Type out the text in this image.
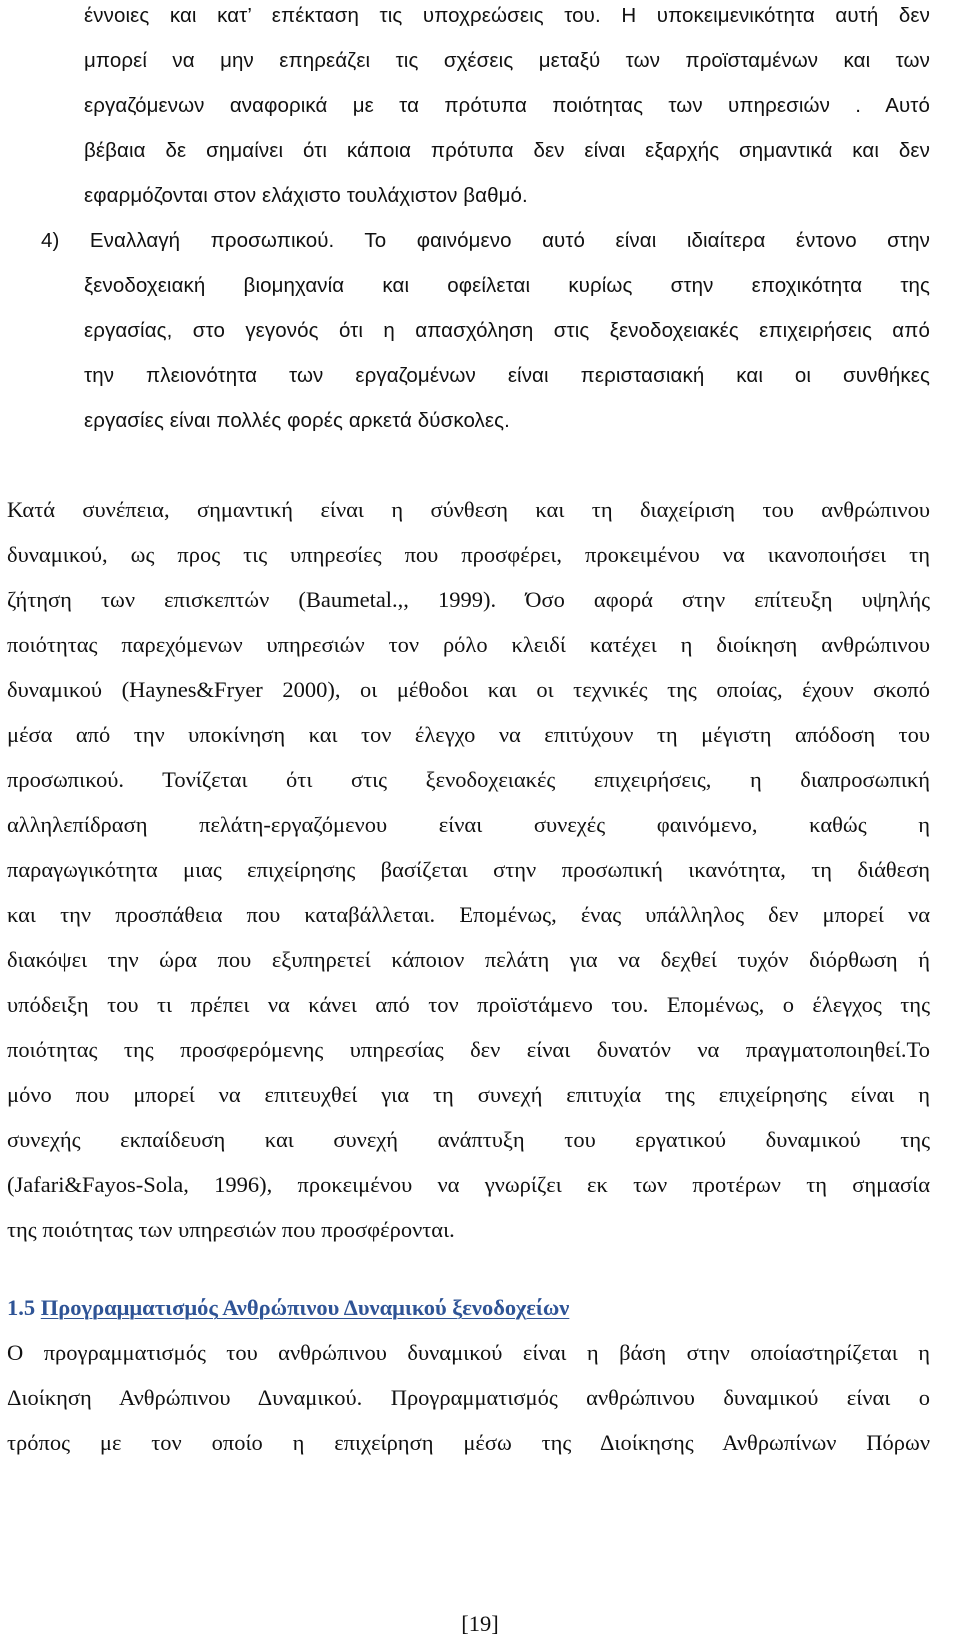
έννοιες και κατ’ επέκταση τις υποχρεώσεις του. Η υποκειμενικότητα αυτή δεν
μπορεί να μην επηρεάζει τις σχέσεις μεταξύ των προϊσταμένων και των
εργαζόμενων αναφορικά με τα πρότυπα ποιότητας των υπηρεσιών . Αυτό
βέβαια δε σημαίνει ότι κάποια πρότυπα δεν είναι εξαρχής σημαντικά και δεν
εφαρμόζονται στον ελάχιστο τουλάχιστον βαθμό.
4) Εναλλαγή προσωπικού. Το φαινόμενο αυτό είναι ιδιαίτερα έντονο στην
ξενοδοχειακή βιομηχανία και οφείλεται κυρίως στην εποχικότητα της
εργασίας, στο γεγονός ότι η απασχόληση στις ξενοδοχειακές επιχειρήσεις από
την πλειονότητα των εργαζομένων είναι περιστασιακή και οι συνθήκες
εργασίες είναι πολλές φορές αρκετά δύσκολες.
Κατά συνέπεια, σημαντική είναι η σύνθεση και τη διαχείριση του ανθρώπινου
δυναμικού, ως προς τις υπηρεσίες που προσφέρει, προκειμένου να ικανοποιήσει τη
ζήτηση των επισκεπτών (Baumetal.,, 1999). Όσο αφορά στην επίτευξη υψηλής
ποιότητας παρεχόμενων υπηρεσιών τον ρόλο κλειδί κατέχει η διοίκηση ανθρώπινου
δυναμικού (Haynes&Fryer 2000), οι μέθοδοι και οι τεχνικές της οποίας, έχουν σκοπό
μέσα από την υποκίνηση και τον έλεγχο να επιτύχουν τη μέγιστη απόδοση του
προσωπικού. Τονίζεται ότι στις ξενοδοχειακές επιχειρήσεις, η διαπροσωπική
αλληλεπίδραση πελάτη-εργαζόμενου είναι συνεχές φαινόμενο, καθώς η
παραγωγικότητα μιας επιχείρησης βασίζεται στην προσωπική ικανότητα, τη διάθεση
και την προσπάθεια που καταβάλλεται. Επομένως, ένας υπάλληλος δεν μπορεί να
διακόψει την ώρα που εξυπηρετεί κάποιον πελάτη για να δεχθεί τυχόν διόρθωση ή
υπόδειξη του τι πρέπει να κάνει από τον προϊστάμενο του. Επομένως, ο έλεγχος της
ποιότητας της προσφερόμενης υπηρεσίας δεν είναι δυνατόν να πραγματοποιηθεί.Το
μόνο που μπορεί να επιτευχθεί για τη συνεχή επιτυχία της επιχείρησης είναι η
συνεχής εκπαίδευση και συνεχή ανάπτυξη του εργατικού δυναμικού της
(Jafari&Fayos-Sola, 1996), προκειμένου να γνωρίζει εκ των προτέρων τη σημασία
της ποιότητας των υπηρεσιών που προσφέρονται.
1.5 Προγραμματισμός Ανθρώπινου Δυναμικού ξενοδοχείων
Ο προγραμματισμός του ανθρώπινου δυναμικού είναι η βάση στην οποίαστηρίζεται η
Διοίκηση Ανθρώπινου Δυναμικού. Προγραμματισμός ανθρώπινου δυναμικού είναι ο
τρόπος με τον οποίο η επιχείρηση μέσω της Διοίκησης Ανθρωπίνων Πόρων
[19]
